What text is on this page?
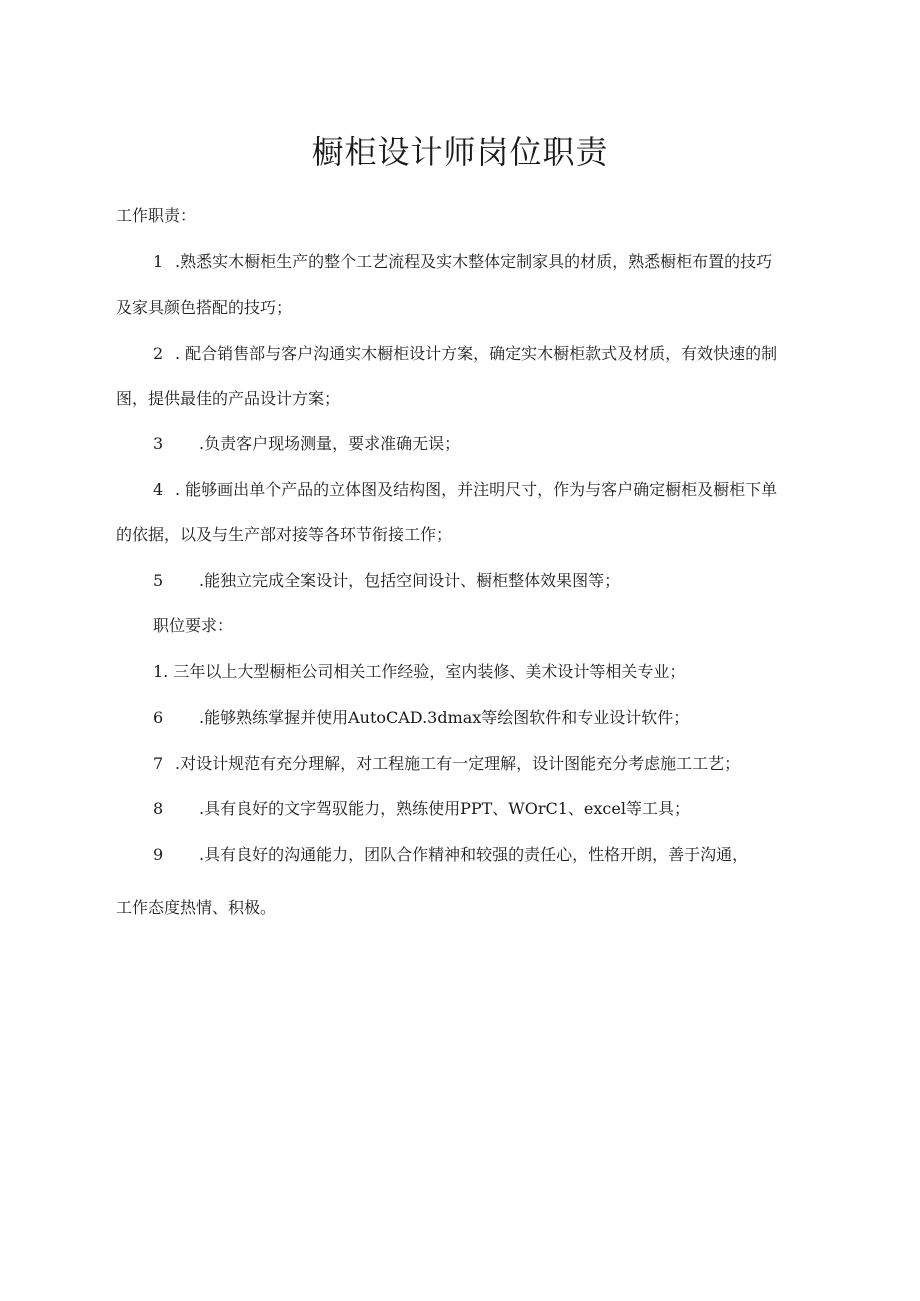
橱柜设计师岗位职责

工作职责：

1 .熟悉实木橱柜生产的整个工艺流程及实木整体定制家具的材质，熟悉橱柜布置的技巧

及家具颜色搭配的技巧；

2 . 配合销售部与客户沟通实木橱柜设计方案，确定实木橱柜款式及材质，有效快速的制

图，提供最佳的产品设计方案；

3 .负责客户现场测量，要求准确无误；

4 . 能够画出单个产品的立体图及结构图，并注明尺寸，作为与客户确定橱柜及橱柜下单

的依据，以及与生产部对接等各环节衔接工作；

5 .能独立完成全案设计，包括空间设计、橱柜整体效果图等；

职位要求：

1. 三年以上大型橱柜公司相关工作经验，室内装修、美术设计等相关专业；

6 .能够熟练掌握并使用AutoCAD.3dmax等绘图软件和专业设计软件；

7 .对设计规范有充分理解，对工程施工有一定理解，设计图能充分考虑施工工艺；

8 .具有良好的文字驾驭能力，熟练使用PPT、WOrC1、excel等工具；

9 .具有良好的沟通能力，团队合作精神和较强的责任心，性格开朗，善于沟通，

工作态度热情、积极。
